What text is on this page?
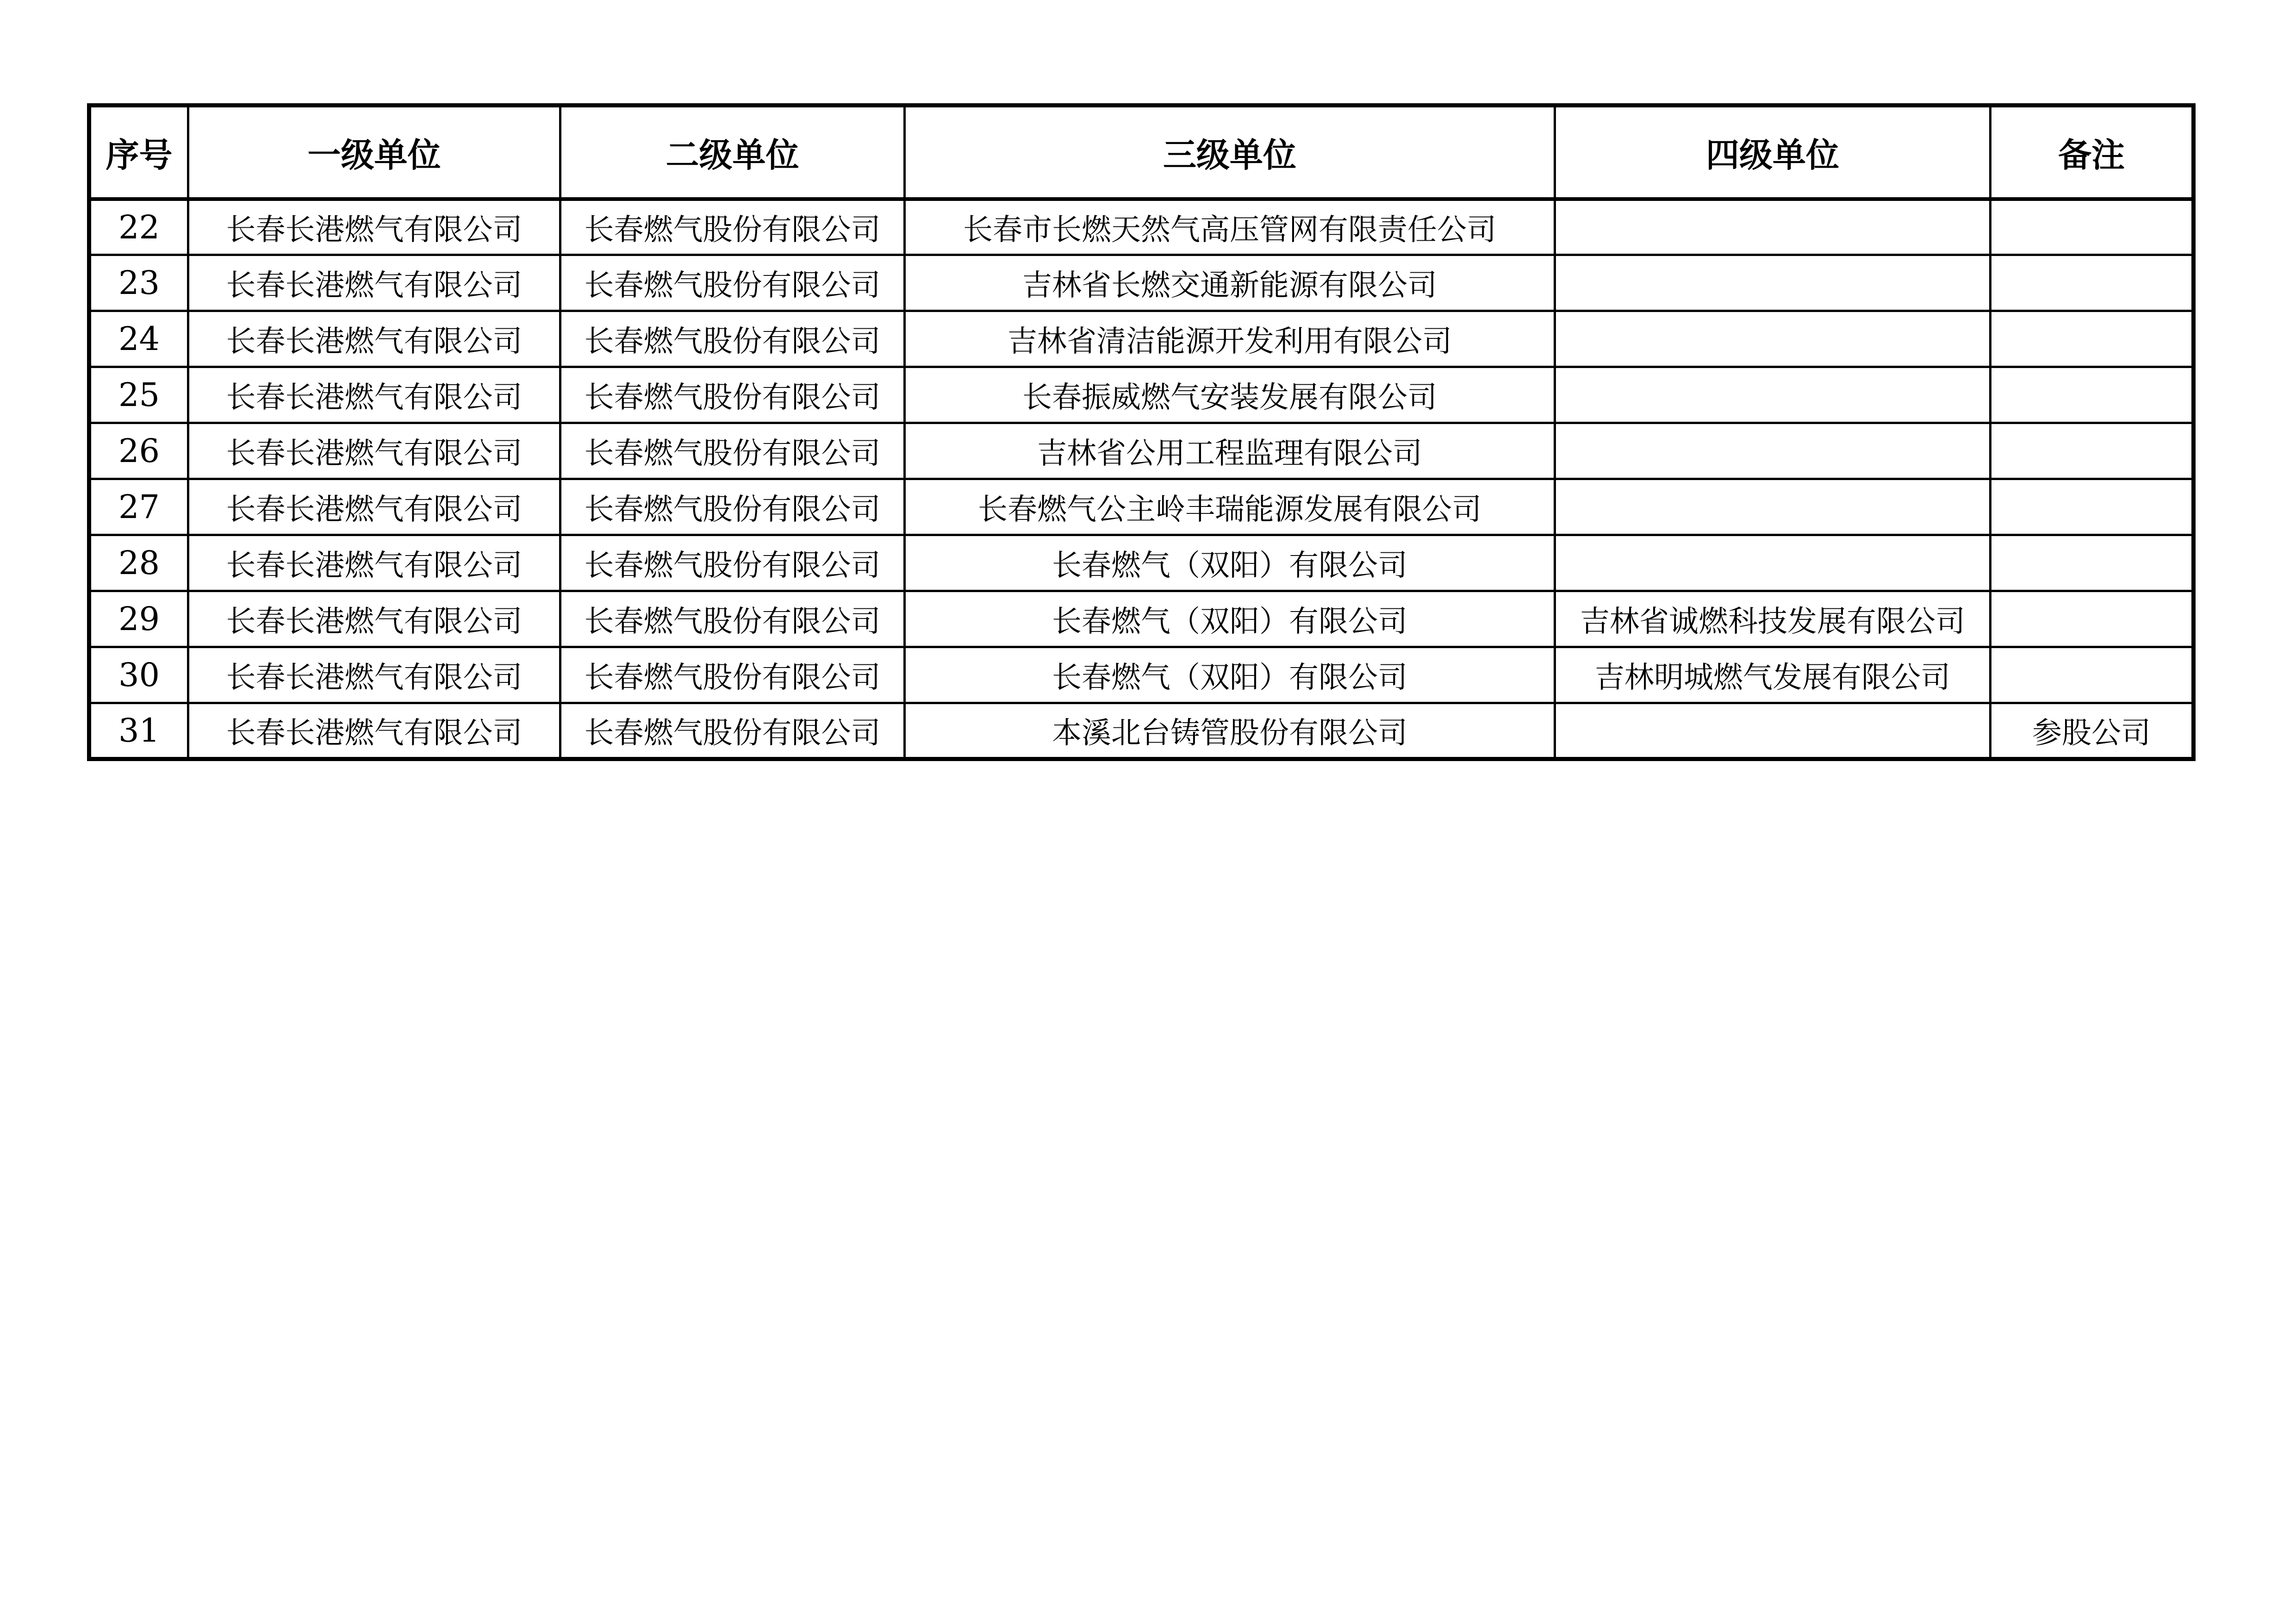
序号	一级单位	二级单位	三级单位	四级单位	备注
22	长春长港燃气有限公司	长春燃气股份有限公司	长春市长燃天然气高压管网有限责任公司		
23	长春长港燃气有限公司	长春燃气股份有限公司	吉林省长燃交通新能源有限公司		
24	长春长港燃气有限公司	长春燃气股份有限公司	吉林省清洁能源开发利用有限公司		
25	长春长港燃气有限公司	长春燃气股份有限公司	长春振威燃气安装发展有限公司		
26	长春长港燃气有限公司	长春燃气股份有限公司	吉林省公用工程监理有限公司		
27	长春长港燃气有限公司	长春燃气股份有限公司	长春燃气公主岭丰瑞能源发展有限公司		
28	长春长港燃气有限公司	长春燃气股份有限公司	长春燃气（双阳）有限公司		
29	长春长港燃气有限公司	长春燃气股份有限公司	长春燃气（双阳）有限公司	吉林省诚燃科技发展有限公司	
30	长春长港燃气有限公司	长春燃气股份有限公司	长春燃气（双阳）有限公司	吉林明城燃气发展有限公司	
31	长春长港燃气有限公司	长春燃气股份有限公司	本溪北台铸管股份有限公司		参股公司
